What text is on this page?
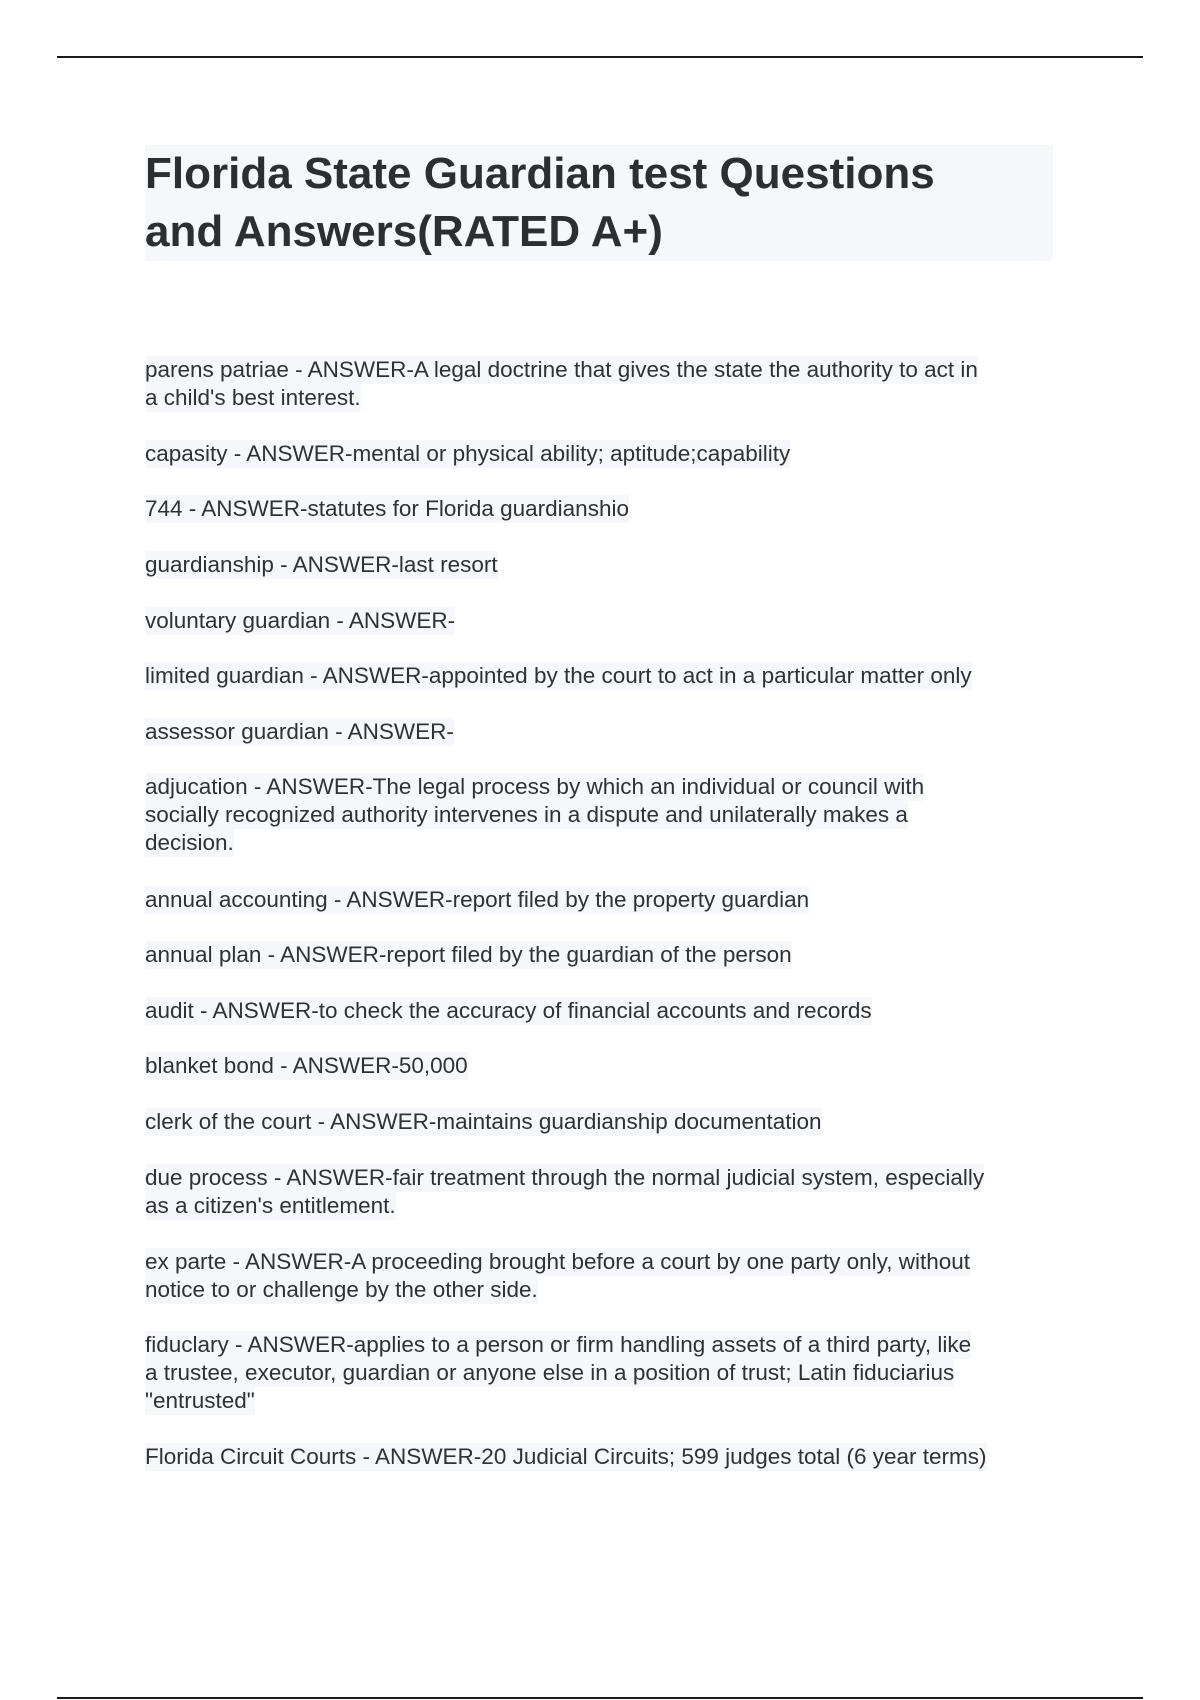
Florida State Guardian test Questions
and Answers(RATED A+)
parens patriae - ANSWER-A legal doctrine that gives the state the authority to act in
a child's best interest.
capasity - ANSWER-mental or physical ability; aptitude;capability
744 - ANSWER-statutes for Florida guardianshio
guardianship - ANSWER-last resort
voluntary guardian - ANSWER-
limited guardian - ANSWER-appointed by the court to act in a particular matter only
assessor guardian - ANSWER-
adjucation - ANSWER-The legal process by which an individual or council with
socially recognized authority intervenes in a dispute and unilaterally makes a
decision.
annual accounting - ANSWER-report filed by the property guardian
annual plan - ANSWER-report filed by the guardian of the person
audit - ANSWER-to check the accuracy of financial accounts and records
blanket bond - ANSWER-50,000
clerk of the court - ANSWER-maintains guardianship documentation
due process - ANSWER-fair treatment through the normal judicial system, especially
as a citizen's entitlement.
ex parte - ANSWER-A proceeding brought before a court by one party only, without
notice to or challenge by the other side.
fiduclary - ANSWER-applies to a person or firm handling assets of a third party, like
a trustee, executor, guardian or anyone else in a position of trust; Latin fiduciarius
"entrusted"
Florida Circuit Courts - ANSWER-20 Judicial Circuits; 599 judges total (6 year terms)
